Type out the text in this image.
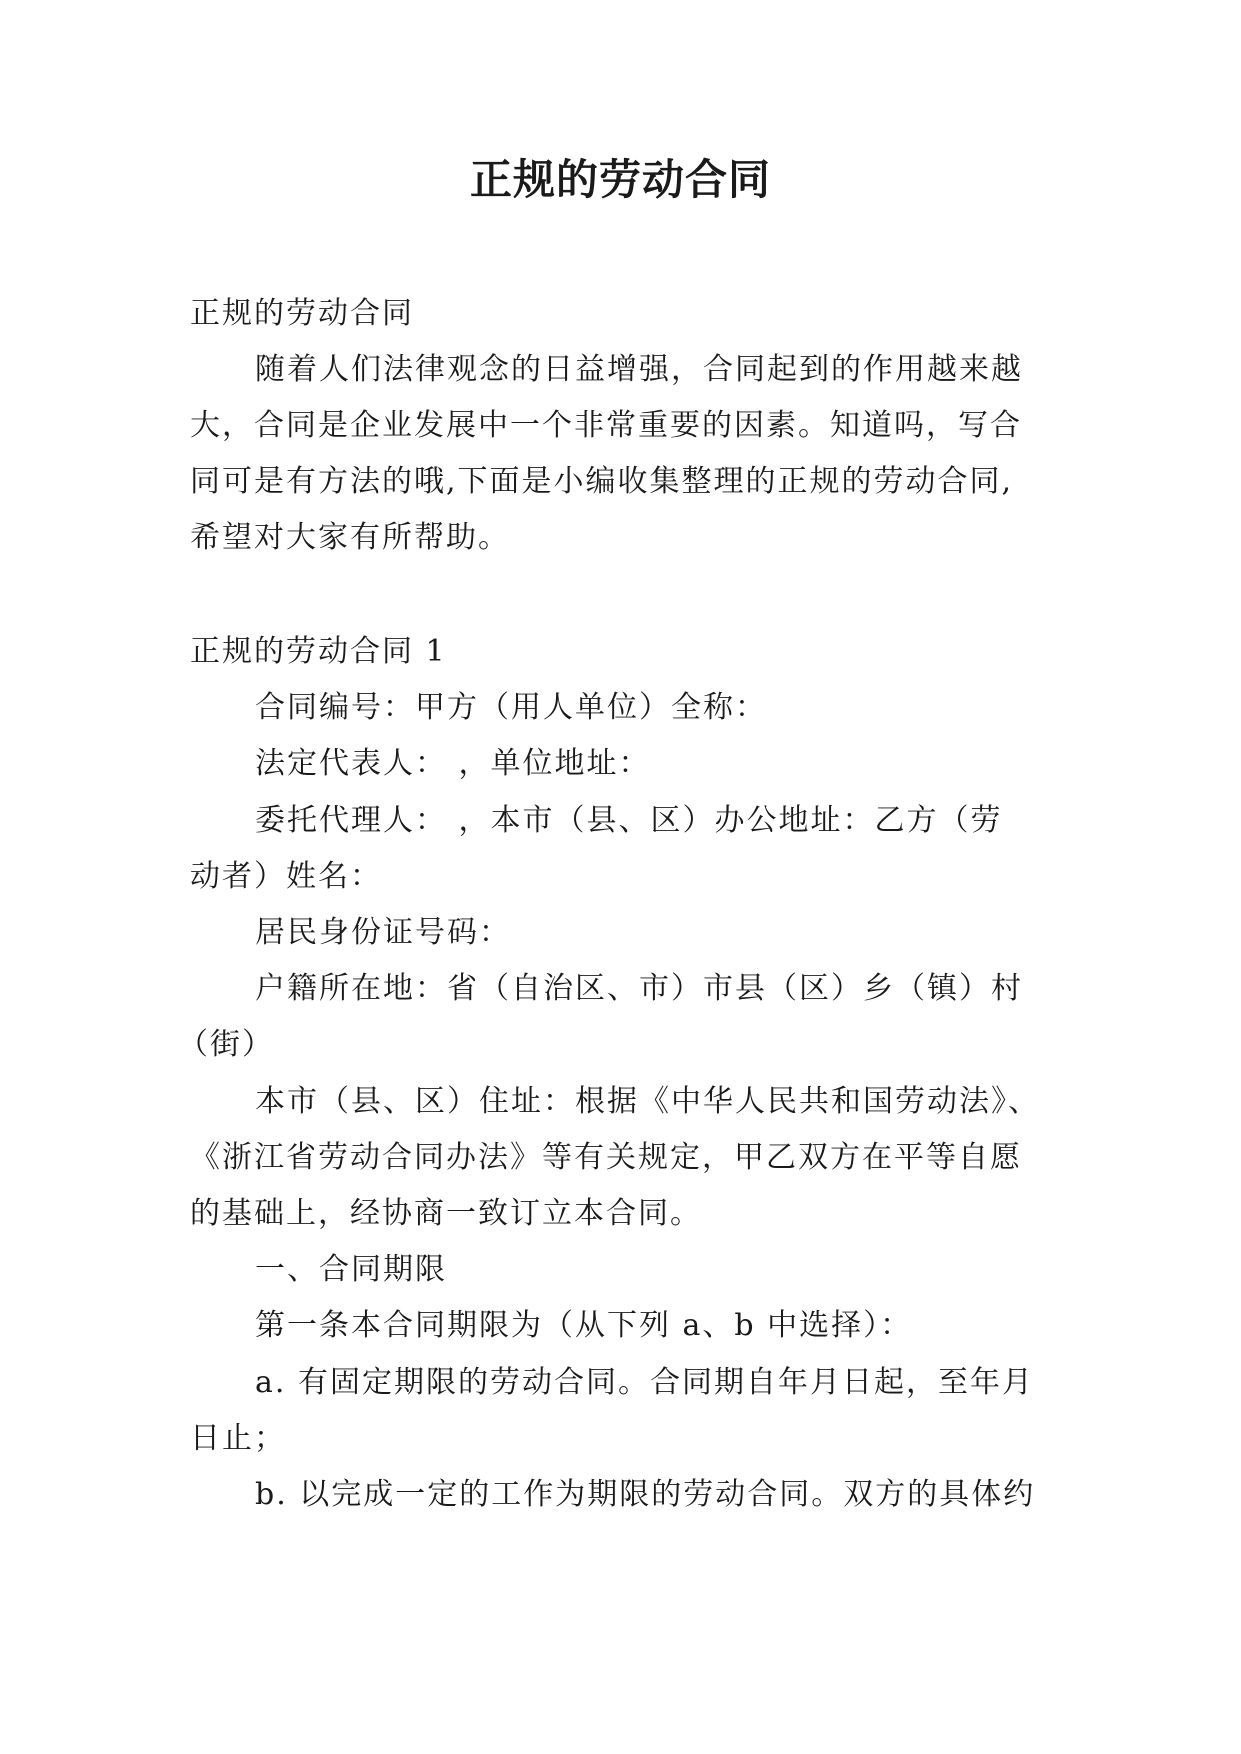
正规的劳动合同
正规的劳动合同
随着人们法律观念的日益增强，合同起到的作用越来越
大，合同是企业发展中一个非常重要的因素。知道吗，写合
同可是有方法的哦,下面是小编收集整理的正规的劳动合同,
希望对大家有所帮助。
正规的劳动合同 1
合同编号：甲方（用人单位）全称：
法定代表人： ，单位地址：
委托代理人： ，本市（县、区）办公地址：乙方（劳
动者）姓名：
居民身份证号码：
户籍所在地：省（自治区、市）市县（区）乡（镇）村
（街）
本市（县、区）住址：根据《中华人民共和国劳动法》、
《浙江省劳动合同办法》等有关规定，甲乙双方在平等自愿
的基础上，经协商一致订立本合同。
一、合同期限
第一条本合同期限为（从下列 a、b 中选择）：
a. 有固定期限的劳动合同。合同期自年月日起，至年月
日止；
b. 以完成一定的工作为期限的劳动合同。双方的具体约
